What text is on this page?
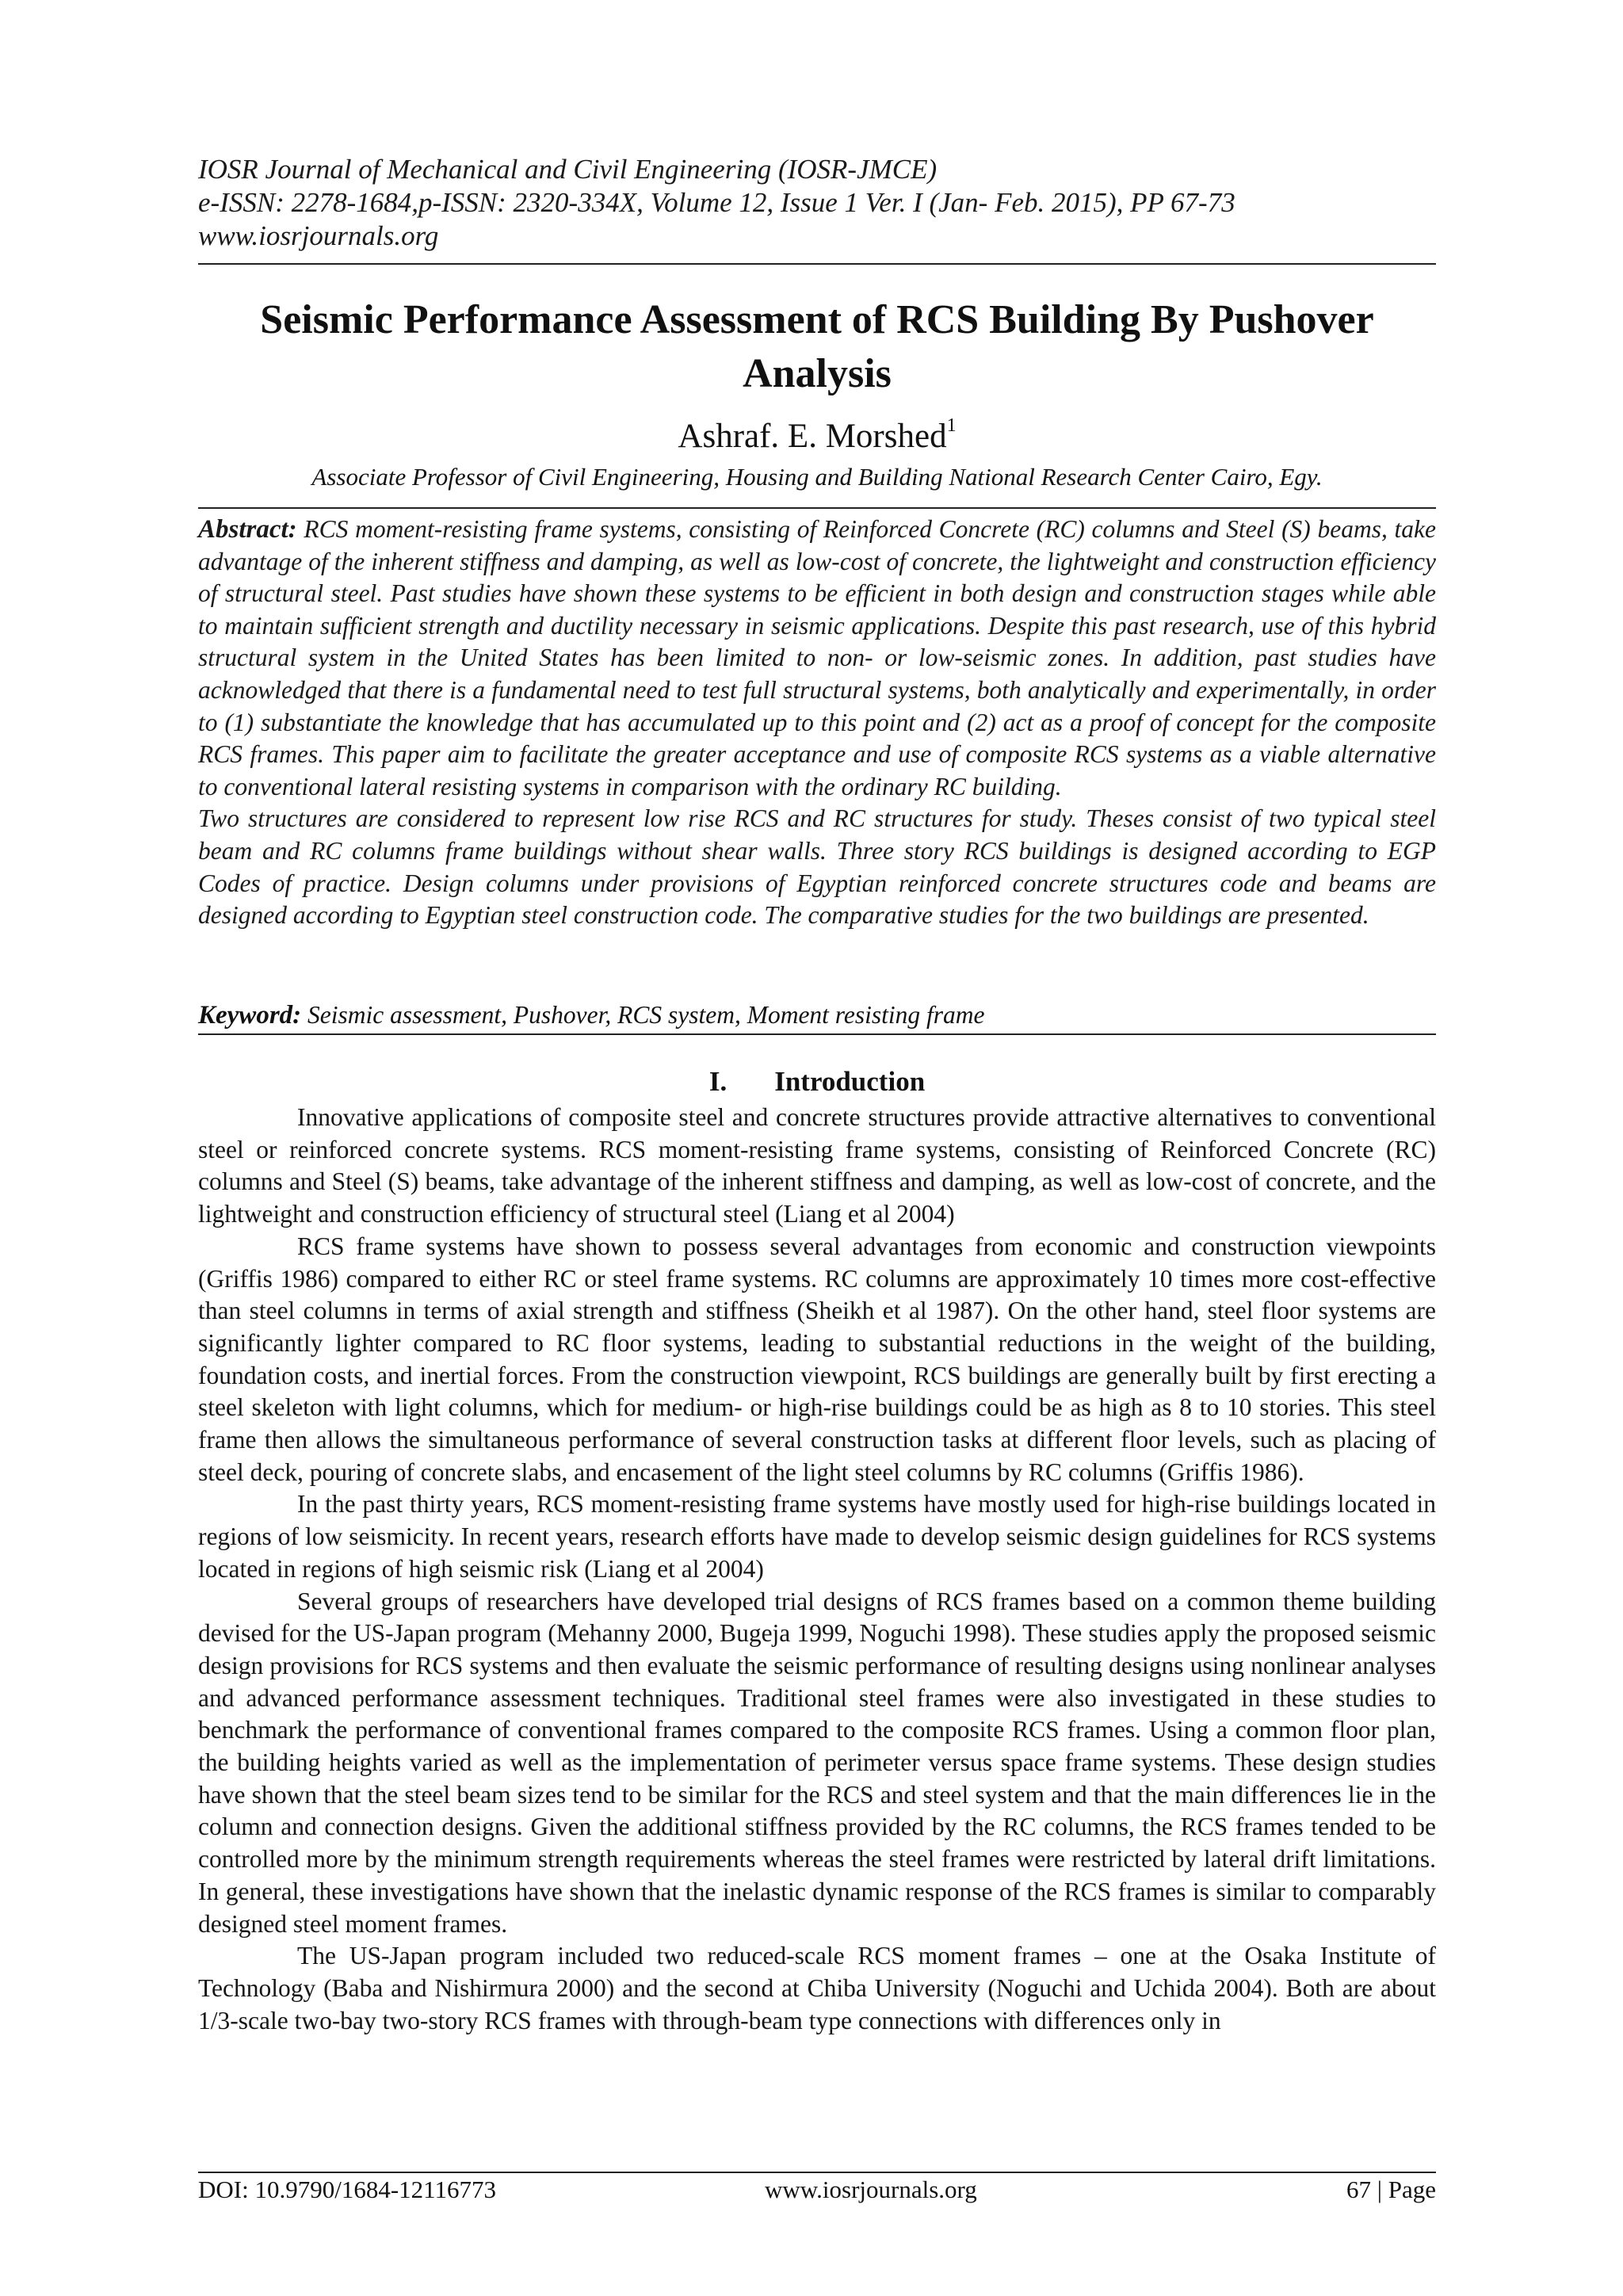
IOSR Journal of Mechanical and Civil Engineering (IOSR-JMCE)
e-ISSN: 2278-1684,p-ISSN: 2320-334X, Volume 12, Issue 1 Ver. I (Jan- Feb. 2015), PP 67-73
www.iosrjournals.org
Seismic Performance Assessment of RCS Building By Pushover Analysis
Ashraf. E. Morshed$^1$
Associate Professor of Civil Engineering, Housing and Building National Research Center Cairo, Egy.

Abstract: RCS moment-resisting frame systems, consisting of Reinforced Concrete (RC) columns and Steel (S) beams, take advantage of the inherent stiffness and damping, as well as low-cost of concrete, the lightweight and construction efficiency of structural steel. Past studies have shown these systems to be efficient in both design and construction stages while able to maintain sufficient strength and ductility necessary in seismic applications. Despite this past research, use of this hybrid structural system in the United States has been limited to non- or low-seismic zones. In addition, past studies have acknowledged that there is a fundamental need to test full structural systems, both analytically and experimentally, in order to (1) substantiate the knowledge that has accumulated up to this point and (2) act as a proof of concept for the composite RCS frames. This paper aim to facilitate the greater acceptance and use of composite RCS systems as a viable alternative to conventional lateral resisting systems in comparison with the ordinary RC building.

Two structures are considered to represent low rise RCS and RC structures for study. Theses consist of two typical steel beam and RC columns frame buildings without shear walls. Three story RCS buildings is designed according to EGP Codes of practice. Design columns under provisions of Egyptian reinforced concrete structures code and beams are designed according to Egyptian steel construction code. The comparative studies for the two buildings are presented.

Keyword: Seismic assessment, Pushover, RCS system, Moment resisting frame
I. Introduction

Innovative applications of composite steel and concrete structures provide attractive alternatives to conventional steel or reinforced concrete systems. RCS moment-resisting frame systems, consisting of Reinforced Concrete (RC) columns and Steel (S) beams, take advantage of the inherent stiffness and damping, as well as low-cost of concrete, and the lightweight and construction efficiency of structural steel (Liang et al 2004)

RCS frame systems have shown to possess several advantages from economic and construction viewpoints (Griffis 1986) compared to either RC or steel frame systems. RC columns are approximately 10 times more cost-effective than steel columns in terms of axial strength and stiffness (Sheikh et al 1987). On the other hand, steel floor systems are significantly lighter compared to RC floor systems, leading to substantial reductions in the weight of the building, foundation costs, and inertial forces. From the construction viewpoint, RCS buildings are generally built by first erecting a steel skeleton with light columns, which for medium- or high-rise buildings could be as high as 8 to 10 stories. This steel frame then allows the simultaneous performance of several construction tasks at different floor levels, such as placing of steel deck, pouring of concrete slabs, and encasement of the light steel columns by RC columns (Griffis 1986).

In the past thirty years, RCS moment-resisting frame systems have mostly used for high-rise buildings located in regions of low seismicity. In recent years, research efforts have made to develop seismic design guidelines for RCS systems located in regions of high seismic risk (Liang et al 2004)

Several groups of researchers have developed trial designs of RCS frames based on a common theme building devised for the US-Japan program (Mehanny 2000, Bugeja 1999, Noguchi 1998). These studies apply the proposed seismic design provisions for RCS systems and then evaluate the seismic performance of resulting designs using nonlinear analyses and advanced performance assessment techniques. Traditional steel frames were also investigated in these studies to benchmark the performance of conventional frames compared to the composite RCS frames. Using a common floor plan, the building heights varied as well as the implementation of perimeter versus space frame systems. These design studies have shown that the steel beam sizes tend to be similar for the RCS and steel system and that the main differences lie in the column and connection designs. Given the additional stiffness provided by the RC columns, the RCS frames tended to be controlled more by the minimum strength requirements whereas the steel frames were restricted by lateral drift limitations. In general, these investigations have shown that the inelastic dynamic response of the RCS frames is similar to comparably designed steel moment frames.

The US-Japan program included two reduced-scale RCS moment frames – one at the Osaka Institute of Technology (Baba and Nishirmura 2000) and the second at Chiba University (Noguchi and Uchida 2004). Both are about 1/3-scale two-bay two-story RCS frames with through-beam type connections with differences only in

DOI: 10.9790/1684-12116773	www.iosrjournals.org	67 | Page
